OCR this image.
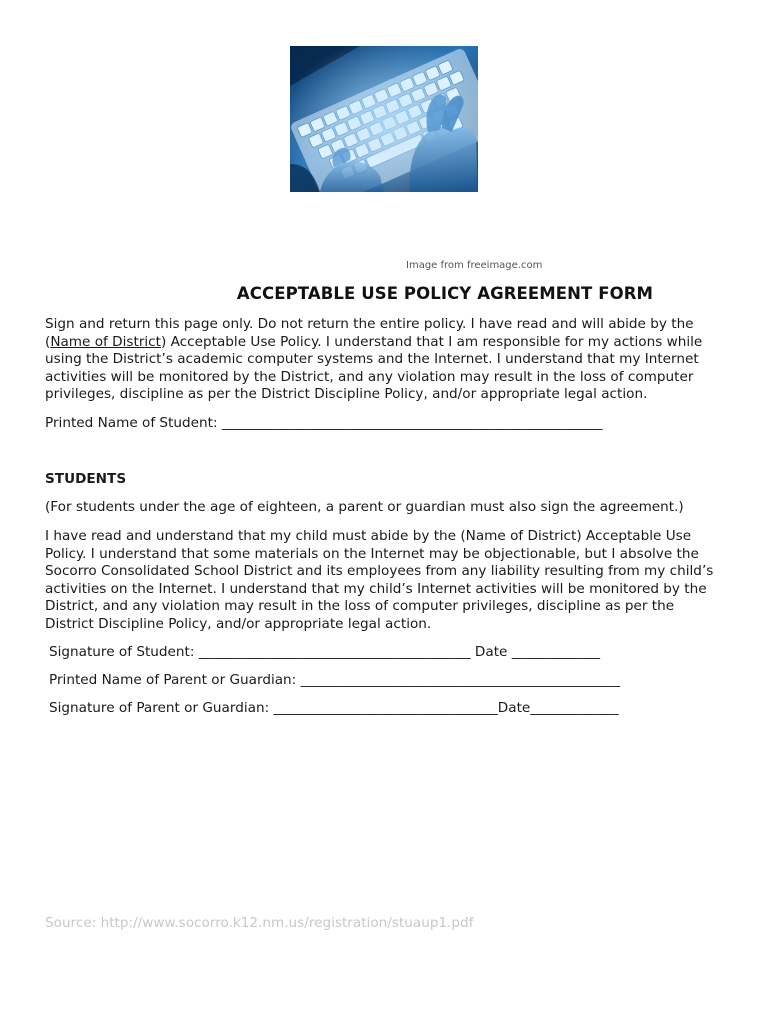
Image from freeimage.com
ACCEPTABLE USE POLICY AGREEMENT FORM

Sign and return this page only. Do not return the entire policy. I have read and will abide by the (Name of District) Acceptable Use Policy. I understand that I am responsible for my actions while using the District’s academic computer systems and the Internet. I understand that my Internet activities will be monitored by the District, and any violation may result in the loss of computer privileges, discipline as per the District Discipline Policy, and/or appropriate legal action.

Printed Name of Student: ________________________________________________________
STUDENTS
(For students under the age of eighteen, a parent or guardian must also sign the agreement.)

I have read and understand that my child must abide by the (Name of District) Acceptable Use Policy. I understand that some materials on the Internet may be objectionable, but I absolve the Socorro Consolidated School District and its employees from any liability resulting from my child’s activities on the Internet. I understand that my child’s Internet activities will be monitored by the District, and any violation may result in the loss of computer privileges, discipline as per the District Discipline Policy, and/or appropriate legal action.

Signature of Student: ________________________________________ Date _____________
Printed Name of Parent or Guardian: _______________________________________________
Signature of Parent or Guardian: _________________________________Date_____________
Source: http://www.socorro.k12.nm.us/registration/stuaup1.pdf
